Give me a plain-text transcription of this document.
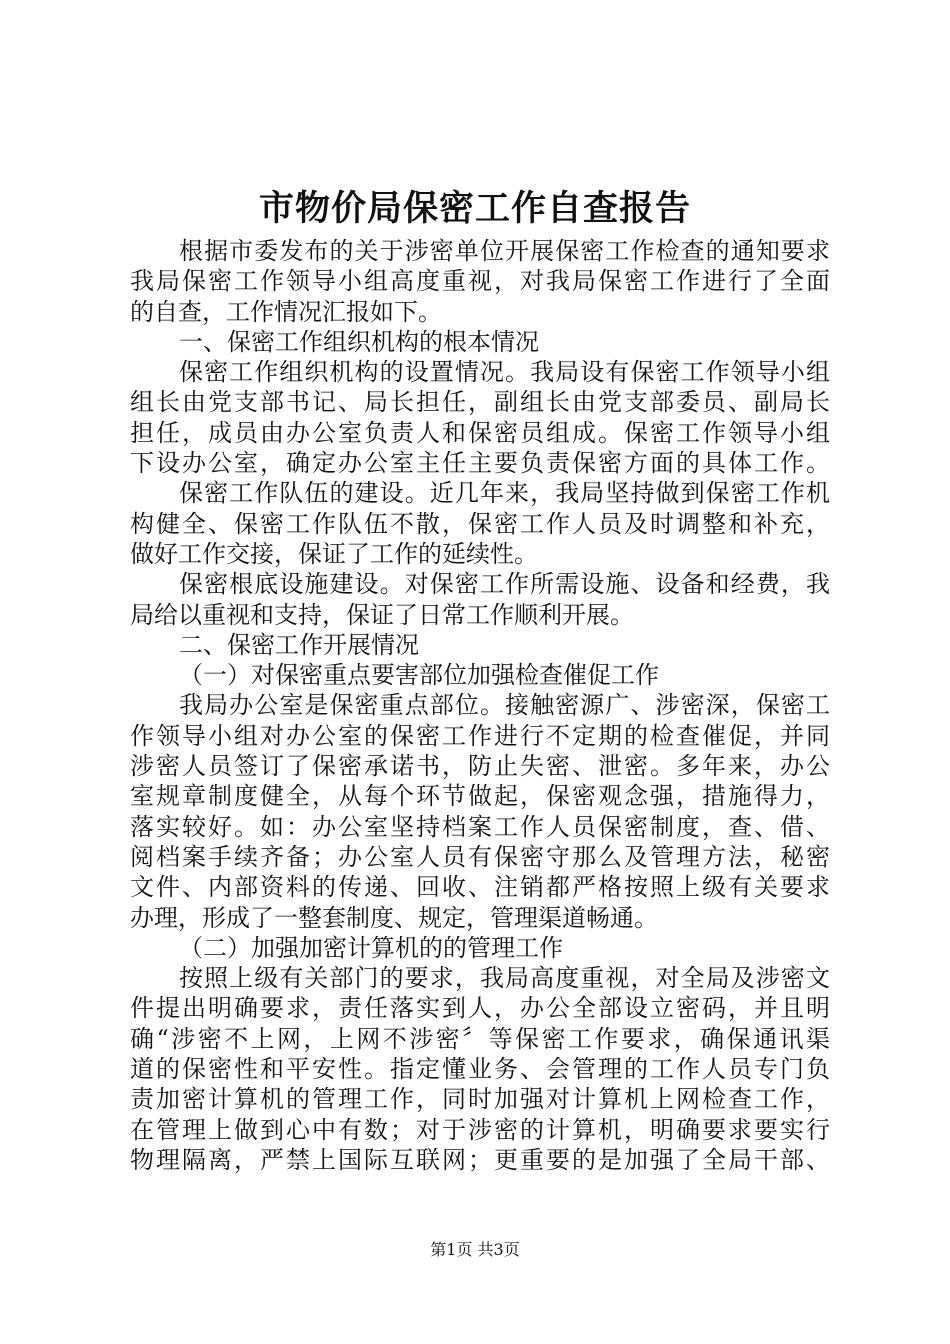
市物价局保密工作自查报告
根据市委发布的关于涉密单位开展保密工作检查的通知要求
我局保密工作领导小组高度重视，对我局保密工作进行了全面
的自查，工作情况汇报如下。
一、保密工作组织机构的根本情况
保密工作组织机构的设置情况。我局设有保密工作领导小组
组长由党支部书记、局长担任，副组长由党支部委员、副局长
担任，成员由办公室负责人和保密员组成。保密工作领导小组
下设办公室，确定办公室主任主要负责保密方面的具体工作。
保密工作队伍的建设。近几年来，我局坚持做到保密工作机
构健全、保密工作队伍不散，保密工作人员及时调整和补充，
做好工作交接，保证了工作的延续性。
保密根底设施建设。对保密工作所需设施、设备和经费，我
局给以重视和支持，保证了日常工作顺利开展。
二、保密工作开展情况
（一）对保密重点要害部位加强检查催促工作
我局办公室是保密重点部位。接触密源广、涉密深，保密工
作领导小组对办公室的保密工作进行不定期的检查催促，并同
涉密人员签订了保密承诺书，防止失密、泄密。多年来，办公
室规章制度健全，从每个环节做起，保密观念强，措施得力，
落实较好。如：办公室坚持档案工作人员保密制度，查、借、
阅档案手续齐备；办公室人员有保密守那么及管理方法，秘密
文件、内部资料的传递、回收、注销都严格按照上级有关要求
办理，形成了一整套制度、规定，管理渠道畅通。
（二）加强加密计算机的的管理工作
按照上级有关部门的要求，我局高度重视，对全局及涉密文
件提出明确要求，责任落实到人，办公全部设立密码，并且明
确“涉密不上网，上网不涉密〞等保密工作要求，确保通讯渠
道的保密性和平安性。指定懂业务、会管理的工作人员专门负
责加密计算机的管理工作，同时加强对计算机上网检查工作，
在管理上做到心中有数；对于涉密的计算机，明确要求要实行
物理隔离，严禁上国际互联网；更重要的是加强了全局干部、
第1页 共3页
